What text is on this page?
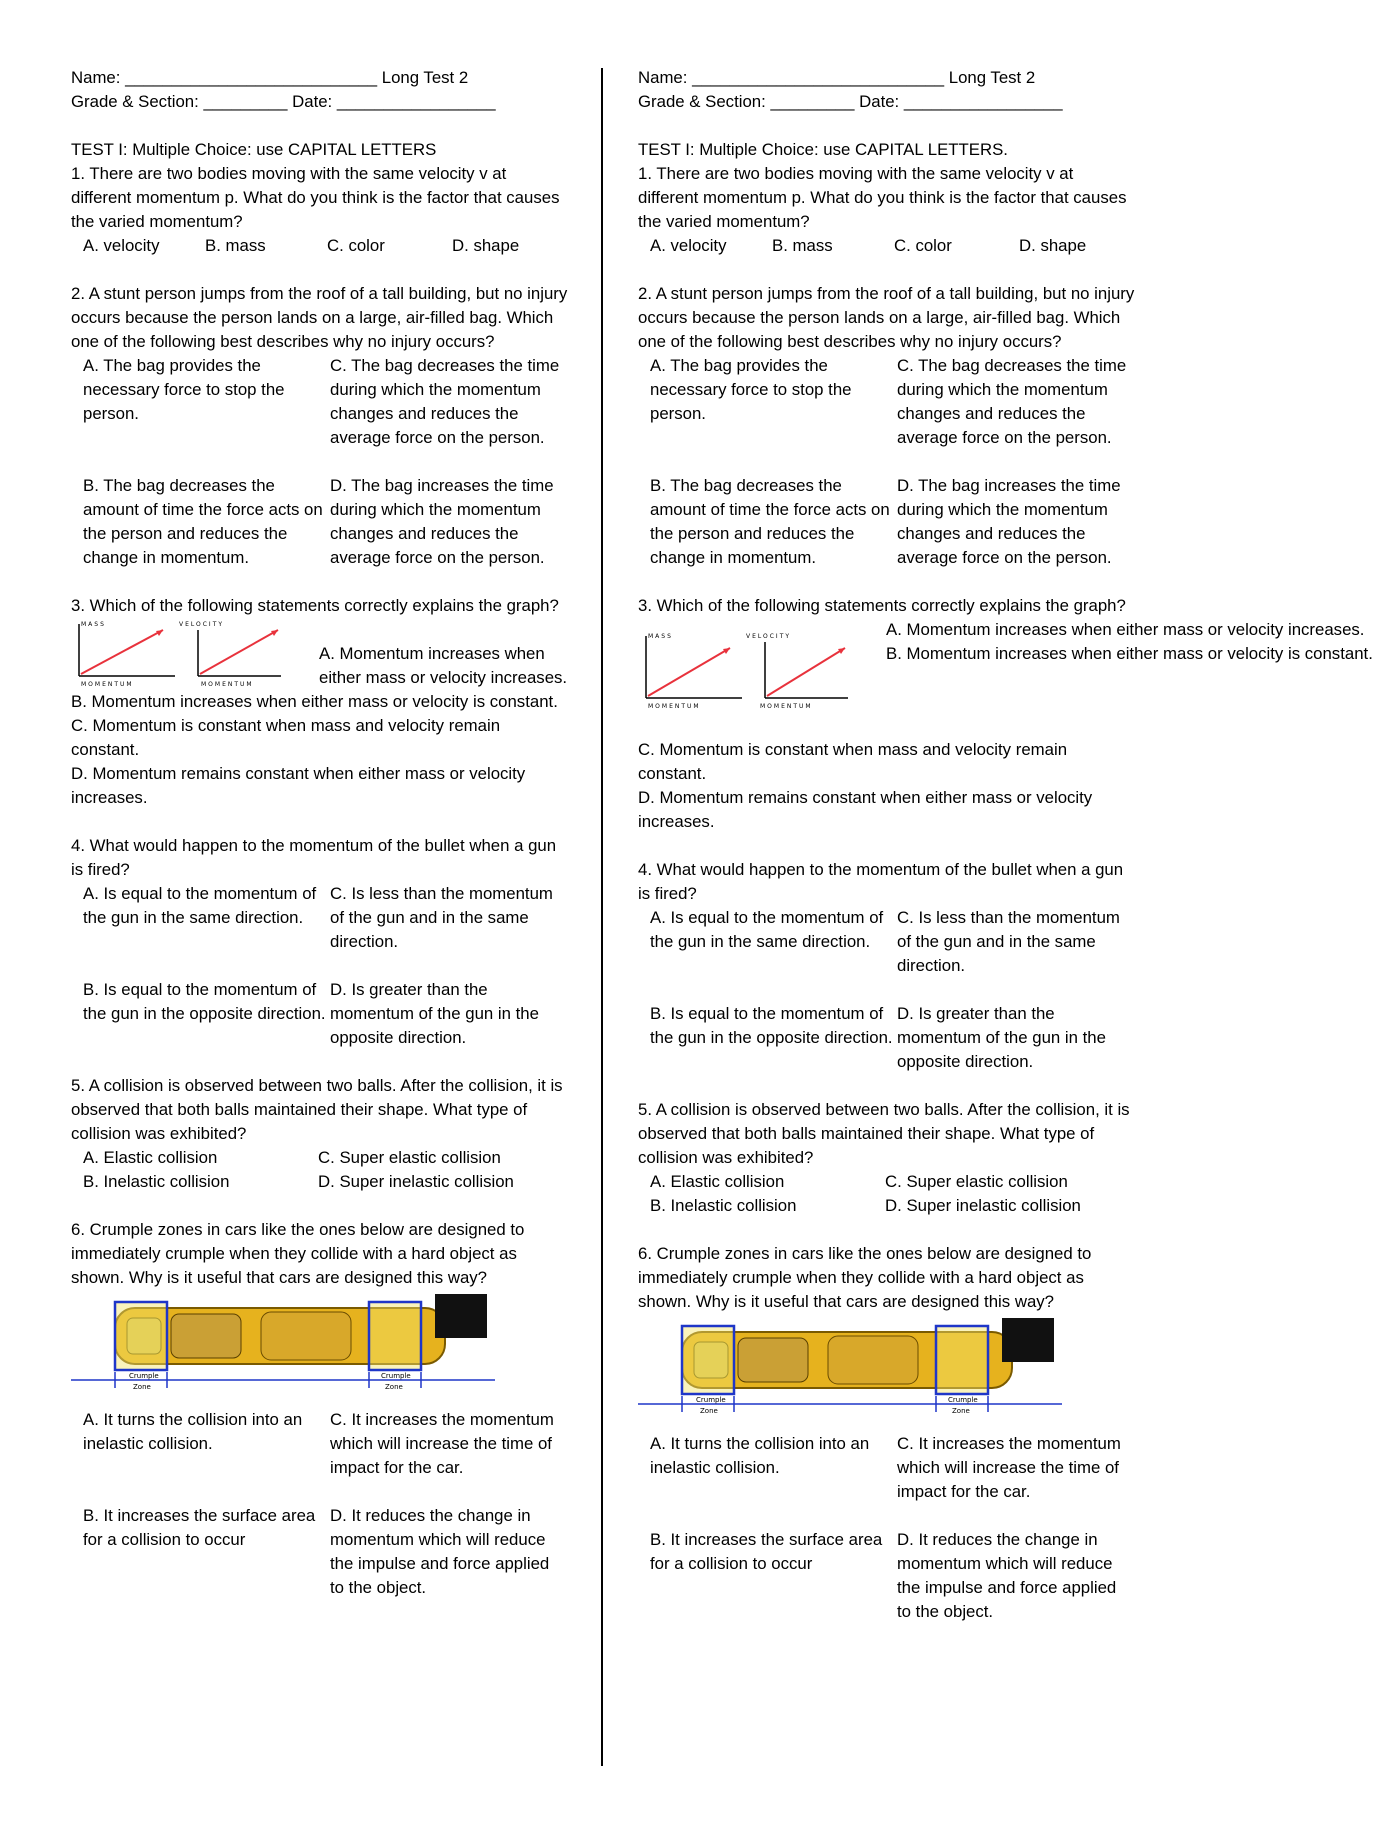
Name: ___________________________ Long Test 2

Grade & Section: _________ Date: _________________

TEST I: Multiple Choice: use CAPITAL LETTERS

1. There are two bodies moving with the same velocity v at different momentum p. What do you think is the factor that causes the varied momentum?

A. velocity	B. mass	C. color	D. shape

2. A stunt person jumps from the roof of a tall building, but no injury occurs because the person lands on a large, air-filled bag. Which one of the following best describes why no injury occurs?

A. The bag provides the necessary force to stop the person.
C. The bag decreases the time during which the momentum changes and reduces the average force on the person.
B. The bag decreases the amount of time the force acts on the person and reduces the change in momentum.
D. The bag increases the time during which the momentum changes and reduces the average force on the person.

3. Which of the following statements correctly explains the graph?

MASS	VELOCITY
MOMENTUM	MOMENTUM
A. Momentum increases when either mass or velocity increases.

B. Momentum increases when either mass or velocity is constant.

C. Momentum is constant when mass and velocity remain constant.

D. Momentum remains constant when either mass or velocity increases.

4. What would happen to the momentum of the bullet when a gun is fired?

A. Is equal to the momentum of the gun in the same direction.
C. Is less than the momentum of the gun and in the same direction.
B. Is equal to the momentum of the gun in the opposite direction.
D. Is greater than the momentum of the gun in the opposite direction.

5. A collision is observed between two balls. After the collision, it is observed that both balls maintained their shape. What type of collision was exhibited?

A. Elastic collision	C. Super elastic collision
B. Inelastic collision	D. Super inelastic collision

6. Crumple zones in cars like the ones below are designed to immediately crumple when they collide with a hard object as shown. Why is it useful that cars are designed this way?

Crumple
Zone
Crumple
Zone
A. It turns the collision into an inelastic collision.
C. It increases the momentum which will increase the time of impact for the car.
B. It increases the surface area for a collision to occur
D. It reduces the change in momentum which will reduce the impulse and force applied to the object.

Name: ___________________________ Long Test 2

Grade & Section: _________ Date: _________________

TEST I: Multiple Choice: use CAPITAL LETTERS.

1. There are two bodies moving with the same velocity v at different momentum p. What do you think is the factor that causes the varied momentum?

A. velocity	B. mass	C. color	D. shape

2. A stunt person jumps from the roof of a tall building, but no injury occurs because the person lands on a large, air-filled bag. Which one of the following best describes why no injury occurs?

A. The bag provides the necessary force to stop the person.
C. The bag decreases the time during which the momentum changes and reduces the average force on the person.
B. The bag decreases the amount of time the force acts on the person and reduces the change in momentum.
D. The bag increases the time during which the momentum changes and reduces the average force on the person.

3. Which of the following statements correctly explains the graph?

MASS	VELOCITY
MOMENTUM	MOMENTUM
A. Momentum increases when either mass or velocity increases.
B. Momentum increases when either mass or velocity is constant.

C. Momentum is constant when mass and velocity remain constant.

D. Momentum remains constant when either mass or velocity increases.

4. What would happen to the momentum of the bullet when a gun is fired?

A. Is equal to the momentum of the gun in the same direction.
C. Is less than the momentum of the gun and in the same direction.
B. Is equal to the momentum of the gun in the opposite direction.
D. Is greater than the momentum of the gun in the opposite direction.

5. A collision is observed between two balls. After the collision, it is observed that both balls maintained their shape. What type of collision was exhibited?

A. Elastic collision	C. Super elastic collision
B. Inelastic collision	D. Super inelastic collision

6. Crumple zones in cars like the ones below are designed to immediately crumple when they collide with a hard object as shown. Why is it useful that cars are designed this way?

Crumple
Zone
Crumple
Zone
A. It turns the collision into an inelastic collision.
C. It increases the momentum which will increase the time of impact for the car.
B. It increases the surface area for a collision to occur
D. It reduces the change in momentum which will reduce the impulse and force applied to the object.
